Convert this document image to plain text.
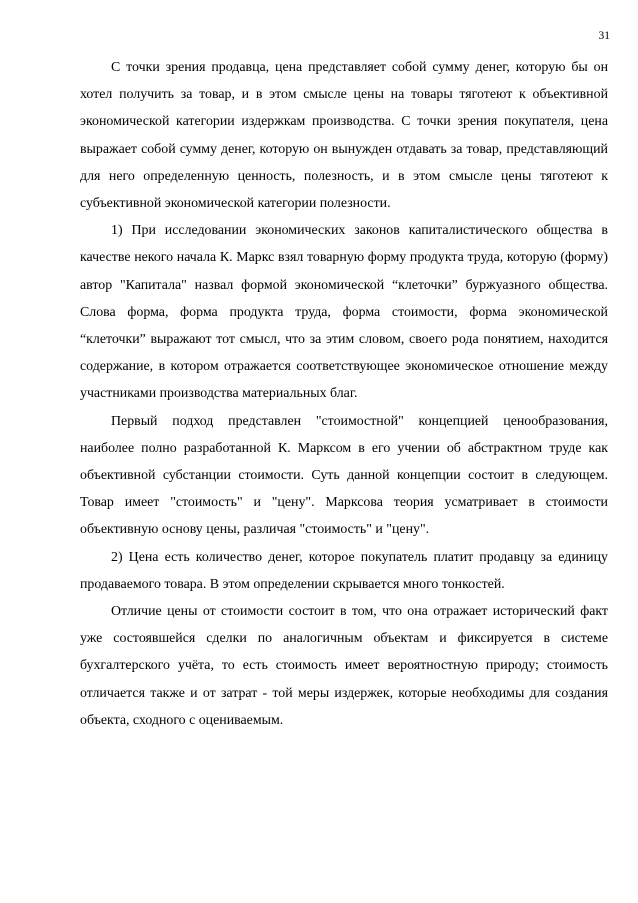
31

С точки зрения продавца, цена представляет собой сумму денег, которую бы он хотел получить за товар, и в этом смысле цены на товары тяготеют к объективной экономической категории издержкам производства. С точки зрения покупателя, цена выражает собой сумму денег, которую он вынужден отдавать за товар, представляющий для него определенную ценность, полезность, и в этом смысле цены тяготеют к субъективной экономической категории полезности.

1) При исследовании экономических законов капиталистического общества в качестве некого начала К. Маркс взял товарную форму продукта труда, которую (форму) автор "Капитала" назвал формой экономической “клеточки” буржуазного общества. Слова форма, форма продукта труда, форма стоимости, форма экономической “клеточки” выражают тот смысл, что за этим словом, своего рода понятием, находится содержание, в котором отражается соответствующее экономическое отношение между участниками производства материальных благ.

Первый подход представлен "стоимостной" концепцией ценообразования, наиболее полно разработанной К. Марксом в его учении об абстрактном труде как объективной субстанции стоимости. Суть данной концепции состоит в следующем. Товар имеет "стоимость" и "цену". Марксова теория усматривает в стоимости объективную основу цены, различая "стоимость" и "цену".

2) Цена есть количество денег, которое покупатель платит продавцу за единицу продаваемого товара. В этом определении скрывается много тонкостей.

Отличие цены от стоимости состоит в том, что она отражает исторический факт уже состоявшейся сделки по аналогичным объектам и фиксируется в системе бухгалтерского учёта, то есть стоимость имеет вероятностную природу; стоимость отличается также и от затрат - той меры издержек, которые необходимы для создания объекта, сходного с оцениваемым.
